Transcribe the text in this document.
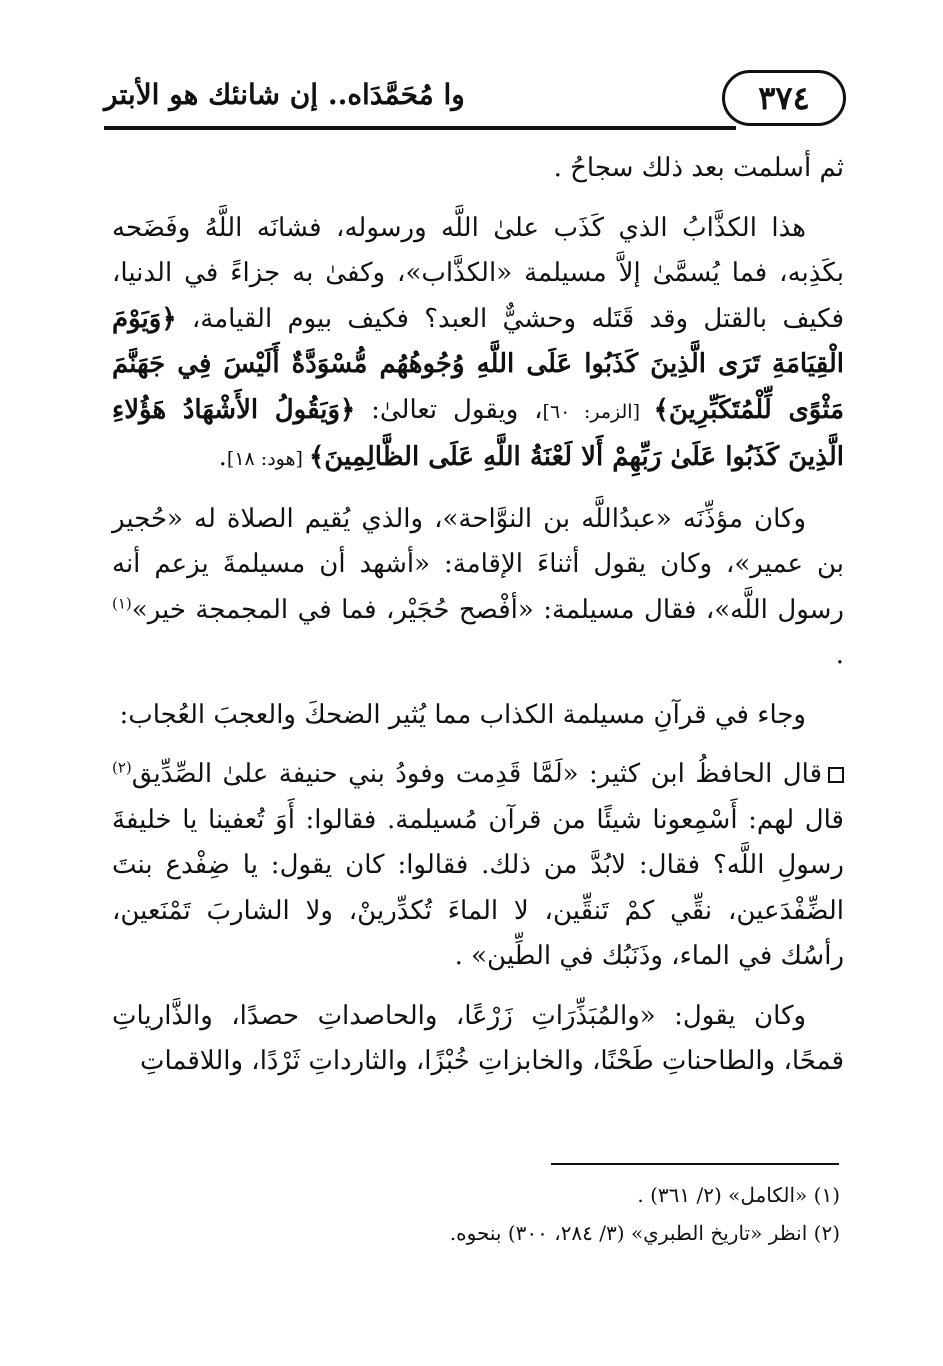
٣٧٤
وا مُحَمَّدَاه.. إن شانئك هو الأبتر

ثم أسلمت بعد ذلك سجاحُ .

هذا الكذَّابُ الذي كَذَب علىٰ اللَّه ورسوله، فشانَه اللَّهُ وفَضَحه بكَذِبه، فما يُسمَّىٰ إلاَّ مسيلمة «الكذَّاب»، وكفىٰ به جزاءً في الدنيا، فكيف بالقتل وقد قَتَله وحشيٌّ العبد؟ فكيف بيوم القيامة، ﴿وَيَوْمَ الْقِيَامَةِ تَرَى الَّذِينَ كَذَبُوا عَلَى اللَّهِ وُجُوهُهُم مُّسْوَدَّةٌ أَلَيْسَ فِي جَهَنَّمَ مَثْوًى لِّلْمُتَكَبِّرِينَ﴾ [الزمر: ٦٠]، ويقول تعالىٰ: ﴿وَيَقُولُ الأَشْهَادُ هَؤُلاءِ الَّذِينَ كَذَبُوا عَلَىٰ رَبِّهِمْ أَلا لَعْنَةُ اللَّهِ عَلَى الظَّالِمِينَ﴾ [هود: ١٨].

وكان مؤذِّنَه «عبدُاللَّه بن النوَّاحة»، والذي يُقيم الصلاة له «حُجير بن عمير»، وكان يقول أثناءَ الإقامة: «أشهد أن مسيلمةَ يزعم أنه رسول اللَّه»، فقال مسيلمة: «أفْصح حُجَيْر، فما في المجمجة خير»$^{(١)}$ .

وجاء في قرآنِ مسيلمة الكذاب مما يُثير الضحكَ والعجبَ العُجاب:

قال الحافظُ ابن كثير: «لَمَّا قَدِمت وفودُ بني حنيفة علىٰ الصِّدِّيق$^{(٢)}$ قال لهم: أَسْمِعونا شيئًا من قرآن مُسيلمة. فقالوا: أَوَ تُعفينا يا خليفةَ رسولِ اللَّه؟ فقال: لابُدَّ من ذلك. فقالوا: كان يقول: يا ضِفْدع بنتَ الضِّفْدَعين، نقِّي كمْ تَنقِّين، لا الماءَ تُكدِّرينْ، ولا الشاربَ تَمْنَعين، رأسُك في الماء، وذَنَبُك في الطِّين» .

وكان يقول: «والمُبَذِّرَاتِ زَرْعًا، والحاصداتِ حصدًا، والذَّارياتِ قمحًا، والطاحناتِ طَحْنًا، والخابزاتِ خُبْزًا، والثارداتِ ثَرْدًا، واللاقماتِ

(١) «الكامل» (٢/ ٣٦١) .
(٢) انظر «تاريخ الطبري» (٣/ ٢٨٤، ٣٠٠) بنحوه.
